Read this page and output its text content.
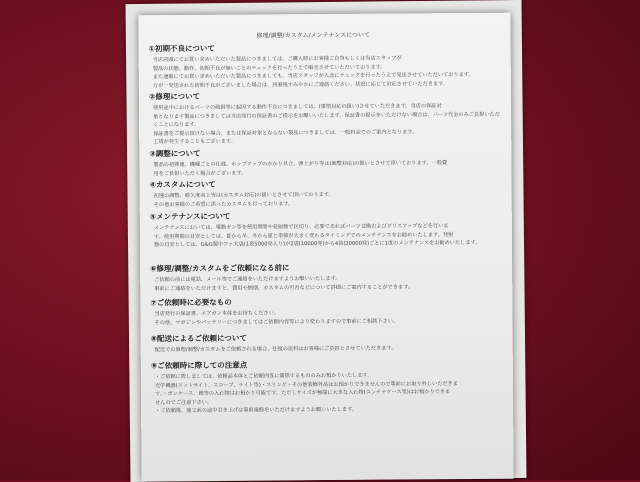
修理/調整/カスタム/メンテナンスについて
①初期不良について
当店店頭にてお買い求めいただいた製品につきましては、ご購入時にお客様ご自身もしくは当店スタッフが
製品の状態、動作、初期不良が無いことのチェックを行ったうえで販売させていただいております。
また通販にてお買い求めいただいた製品につきましても、当店スタッフが入念にチェックを行ったうえで発送させていただいております。
万が一発送された初期不良がございました場合は、到着後すみやかにご連絡ください。状況に応じて対応させていただきます。
②修理について
使用途中におけるパーツの破損等に起因する動作不良につきましては、(事情対応の扱い)させていただきます。当店の保証対
象となります製品につきましては当店発行の保証書のご提示をお願いいたします。保証書の提示をいただけない場合は、パーツ代金のみご負担いただ
くことになります。
保証書をご提示頂けない場合、または保証対象とならない製品につきましては、一般料金でのご案内となります。
工賃が発生することもございます。
③調整について
製品の初弾速、機種ごとの仕様、ホップアップのかかり具合、弾上がり等は(調整対応)の扱いとさせて頂いております。一般費
用をご負担いただく場合がございます。
④カスタムについて
初速の調整、耐久度向上等は(カスタム対応)の扱いとさせて頂いております。
その他お客様のご希望に添ったカスタムも行っております。
⑤メンテナンスについて
メンテナンスにおいては、電動ガン等を使用期間や発射数で区切り、必要であればパーツ交換およびグリスアップなどを行いま
す。使用期間の目安としては、夏から冬、冬から夏と季節が大きく変わるタイミングでのメンテナンスをお勧めいたします。発射
数の目安としては、G&G製中ファ大袋(1袋5000発入り)が2袋(10000発)から4袋(20000発)ごとに1度のメンテナンスをお勧めいたします。
⑥修理/調整/カスタムをご依頼になる前に
ご依頼の前には電話、メール等でご連絡をいただけますようお願いいたします。
事前にご連絡をいただけますと、費用や納期、カスタムの可否などについて詳細にご案内することができます。
⑦ご依頼時に必要なもの
当店発行の保証書、エアガン本体をお持ちください。
その他、マガジンやバッテリーにつきましてはご依頼内容等により変わりますので事前にご相談下さい。
⑧配送によるご依頼について
配送での修理/調整/カスタムをご依頼される場合、往復の送料はお客様にご負担とさせていただきます。
⑨ご依頼時に際しての注意点
・ご依頼に際しましては、依頼品本体とご依頼内容に関係するもののみお預かりいたします。
光学機器(ドットサイト、スコープ、ライト等)・スリング・その他装飾外品はお預かりできませんので事前にお取り外しいただきま
す。・ガンケース、銃等の入れ物はお預かり可能です。ただしサイズが極端に大きな入れ物(コンテナケース等)はお預かりできま
せんのでご注意下さい。
・ご依頼後、施工前の途中引き上げは事前連絡をいただけますようお願いいたします。
